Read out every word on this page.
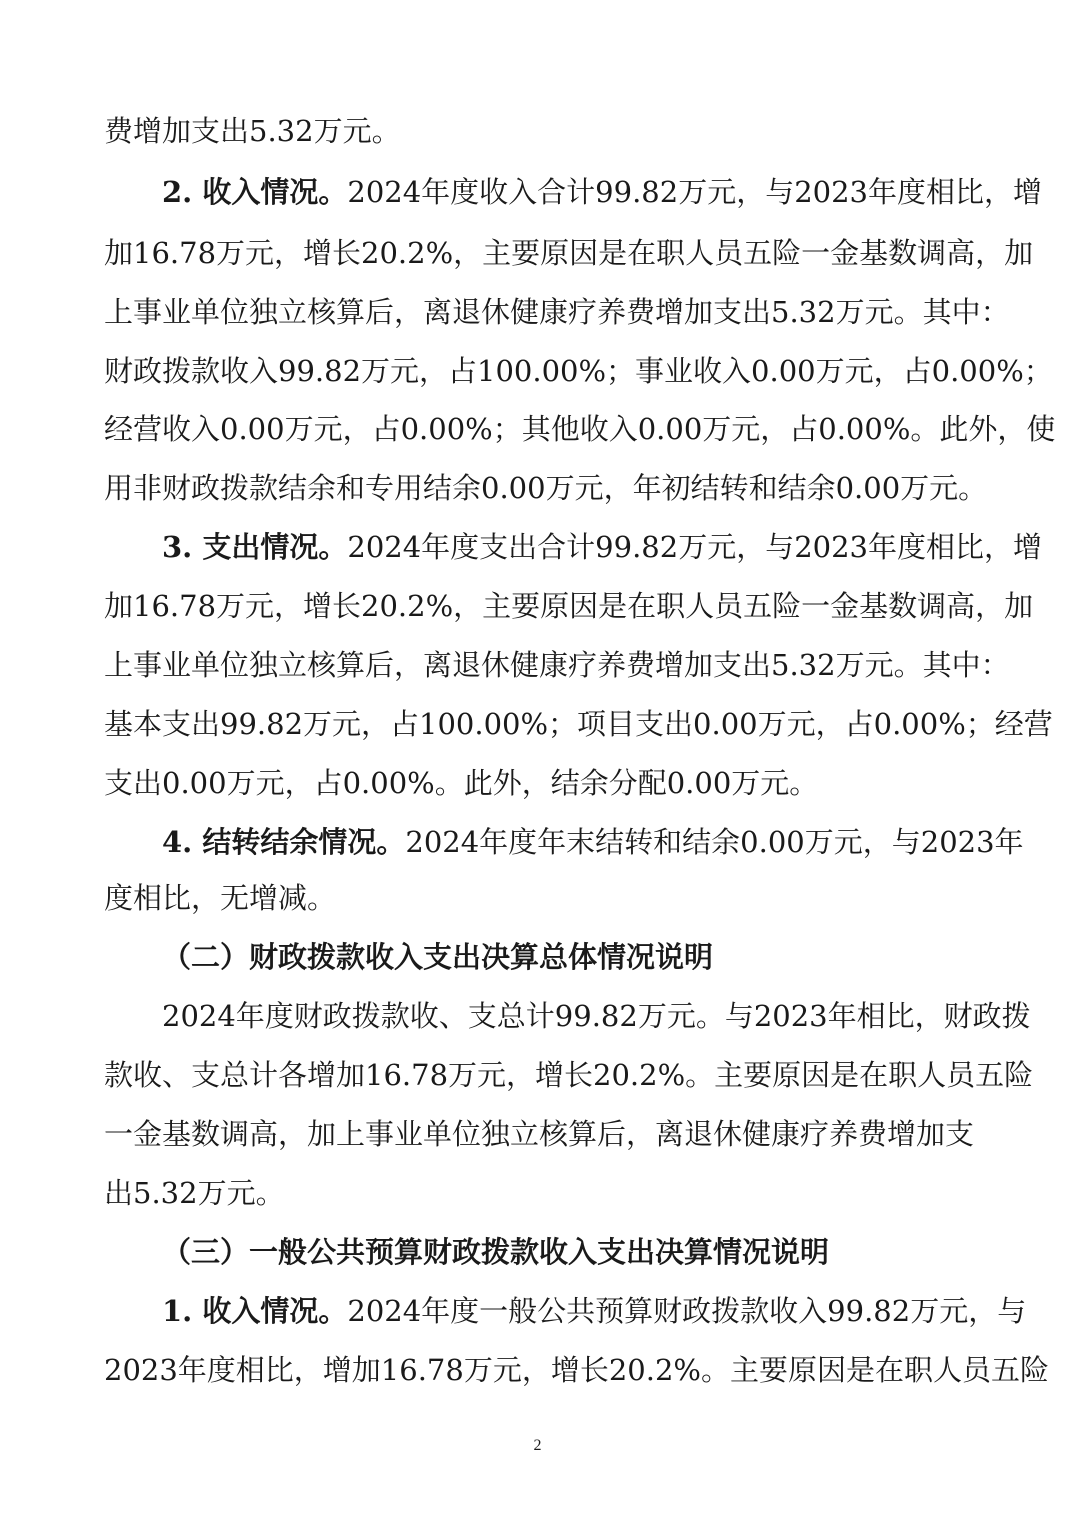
费增加支出5.32万元。
2. 收入情况。2024年度收入合计99.82万元，与2023年度相比，增
加16.78万元，增长20.2%，主要原因是在职人员五险一金基数调高，加
上事业单位独立核算后，离退休健康疗养费增加支出5.32万元。其中：
财政拨款收入99.82万元，占100.00%；事业收入0.00万元，占0.00%；
经营收入0.00万元，占0.00%；其他收入0.00万元，占0.00%。此外，使
用非财政拨款结余和专用结余0.00万元，年初结转和结余0.00万元。
3. 支出情况。2024年度支出合计99.82万元，与2023年度相比，增
加16.78万元，增长20.2%，主要原因是在职人员五险一金基数调高，加
上事业单位独立核算后，离退休健康疗养费增加支出5.32万元。其中：
基本支出99.82万元，占100.00%；项目支出0.00万元，占0.00%；经营
支出0.00万元，占0.00%。此外，结余分配0.00万元。
4. 结转结余情况。2024年度年末结转和结余0.00万元，与2023年
度相比，无增减。
（二）财政拨款收入支出决算总体情况说明
2024年度财政拨款收、支总计99.82万元。与2023年相比，财政拨
款收、支总计各增加16.78万元，增长20.2%。主要原因是在职人员五险
一金基数调高，加上事业单位独立核算后，离退休健康疗养费增加支
出5.32万元。
（三）一般公共预算财政拨款收入支出决算情况说明
1. 收入情况。2024年度一般公共预算财政拨款收入99.82万元，与
2023年度相比，增加16.78万元，增长20.2%。主要原因是在职人员五险
2
